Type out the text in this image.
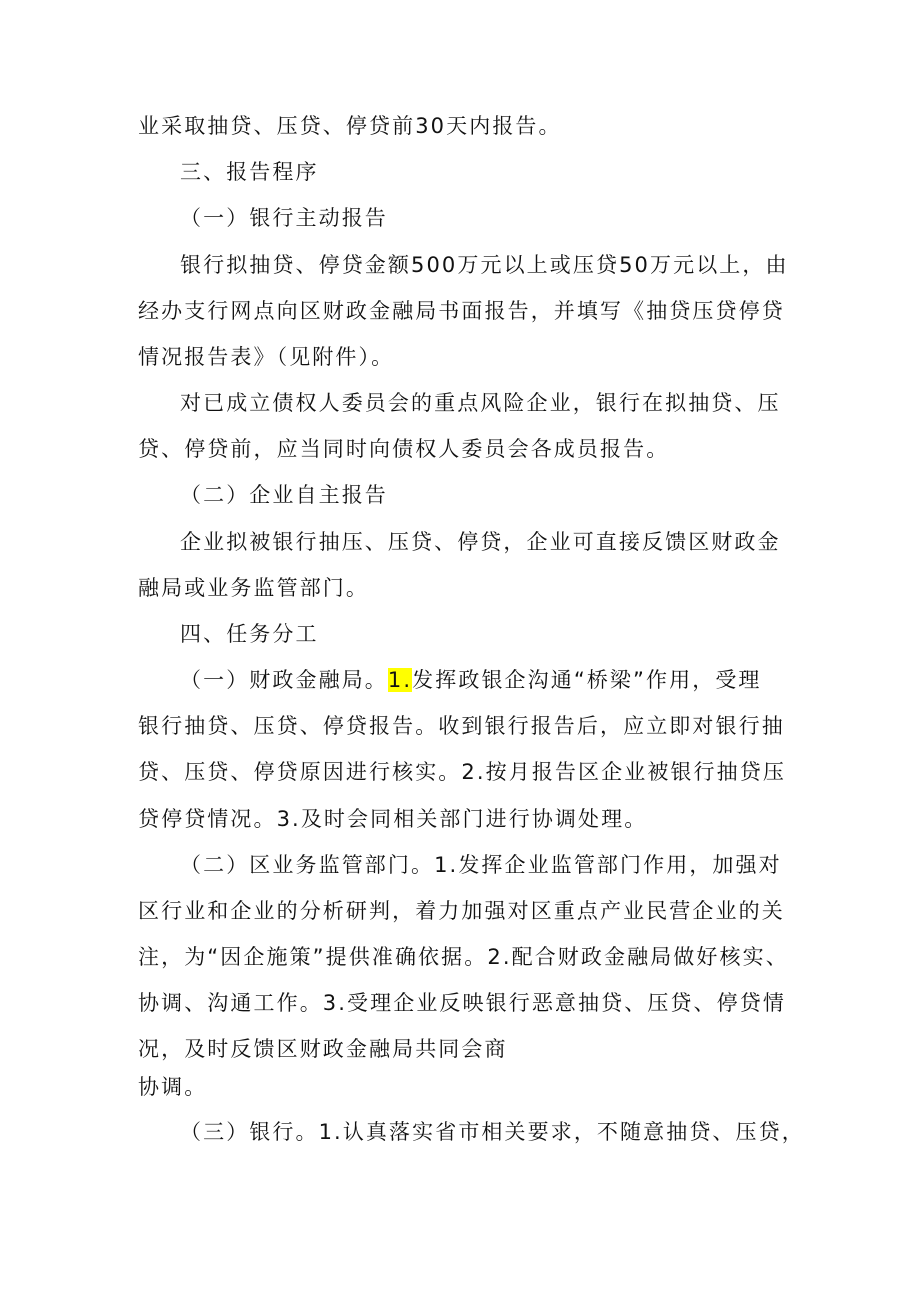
业采取抽贷、压贷、停贷前30天内报告。
三、报告程序
（一）银行主动报告
银行拟抽贷、停贷金额500万元以上或压贷50万元以上，由
经办支行网点向区财政金融局书面报告，并填写《抽贷压贷停贷
情况报告表》（见附件）。
对已成立债权人委员会的重点风险企业，银行在拟抽贷、压
贷、停贷前，应当同时向债权人委员会各成员报告。
（二）企业自主报告
企业拟被银行抽压、压贷、停贷，企业可直接反馈区财政金
融局或业务监管部门。
四、任务分工
（一）财政金融局。1.发挥政银企沟通“桥梁”作用，受理
银行抽贷、压贷、停贷报告。收到银行报告后，应立即对银行抽
贷、压贷、停贷原因进行核实。2.按月报告区企业被银行抽贷压
贷停贷情况。3.及时会同相关部门进行协调处理。
（二）区业务监管部门。1.发挥企业监管部门作用，加强对
区行业和企业的分析研判，着力加强对区重点产业民营企业的关
注，为“因企施策”提供准确依据。2.配合财政金融局做好核实、
协调、沟通工作。3.受理企业反映银行恶意抽贷、压贷、停贷情
况，及时反馈区财政金融局共同会商
协调。
（三）银行。1.认真落实省市相关要求，不随意抽贷、压贷，
